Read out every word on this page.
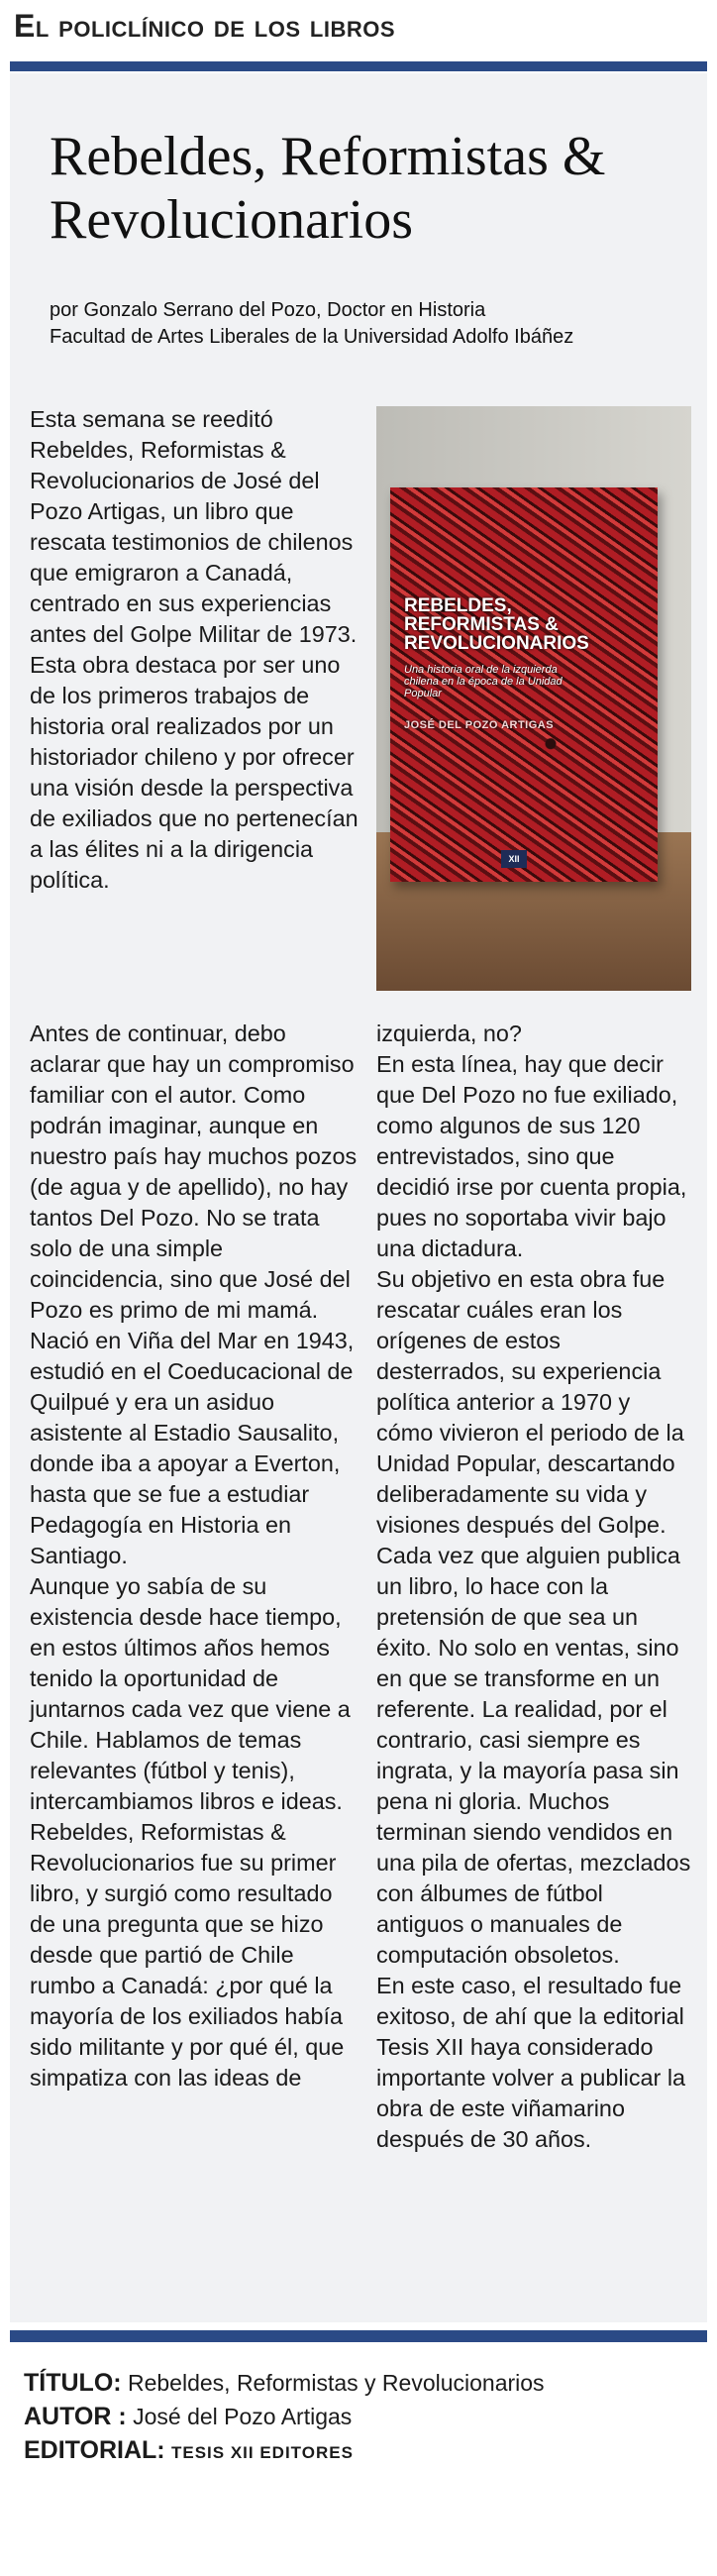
El policlínico de los libros
Rebeldes, Reformistas &
Revolucionarios
por Gonzalo Serrano del Pozo, Doctor en Historia
Facultad de Artes Liberales de la Universidad Adolfo Ibáñez

Esta semana se reeditó Rebeldes, Reformistas & Revolucionarios de José del Pozo Artigas, un libro que rescata testimonios de chilenos que emigraron a Canadá, centrado en sus experiencias antes del Golpe Militar de 1973. Esta obra destaca por ser uno de los primeros trabajos de historia oral realizados por un historiador chileno y por ofrecer una visión desde la perspectiva de exiliados que no pertenecían a las élites ni a la dirigencia política.

REBELDES,
REFORMISTAS &
REVOLUCIONARIOS
Una historia oral de la izquierda chilena en la época de la Unidad Popular
JOSÉ DEL POZO ARTIGAS
XII

Antes de continuar, debo aclarar que hay un compromiso familiar con el autor. Como podrán imaginar, aunque en nuestro país hay muchos pozos (de agua y de apellido), no hay tantos Del Pozo. No se trata solo de una simple coincidencia, sino que José del Pozo es primo de mi mamá.

Nació en Viña del Mar en 1943, estudió en el Coeducacional de Quilpué y era un asiduo asistente al Estadio Sausalito, donde iba a apoyar a Everton, hasta que se fue a estudiar Pedagogía en Historia en Santiago.

Aunque yo sabía de su existencia desde hace tiempo, en estos últimos años hemos tenido la oportunidad de juntarnos cada vez que viene a Chile. Hablamos de temas relevantes (fútbol y tenis), intercambiamos libros e ideas.

Rebeldes, Reformistas & Revolucionarios fue su primer libro, y surgió como resultado de una pregunta que se hizo desde que partió de Chile rumbo a Canadá: ¿por qué la mayoría de los exiliados había sido militante y por qué él, que simpatiza con las ideas de

izquierda, no?

En esta línea, hay que decir que Del Pozo no fue exiliado, como algunos de sus 120 entrevistados, sino que decidió irse por cuenta propia, pues no soportaba vivir bajo una dictadura.

Su objetivo en esta obra fue rescatar cuáles eran los orígenes de estos desterrados, su experiencia política anterior a 1970 y cómo vivieron el periodo de la Unidad Popular, descartando deliberadamente su vida y visiones después del Golpe.

Cada vez que alguien publica un libro, lo hace con la pretensión de que sea un éxito. No solo en ventas, sino en que se transforme en un referente. La realidad, por el contrario, casi siempre es ingrata, y la mayoría pasa sin pena ni gloria. Muchos terminan siendo vendidos en una pila de ofertas, mezclados con álbumes de fútbol antiguos o manuales de computación obsoletos.

En este caso, el resultado fue exitoso, de ahí que la editorial Tesis XII haya considerado importante volver a publicar la obra de este viñamarino después de 30 años.

TÍTULO: Rebeldes, Reformistas y Revolucionarios
AUTOR : José del Pozo Artigas
EDITORIAL: TESIS XII EDITORES
